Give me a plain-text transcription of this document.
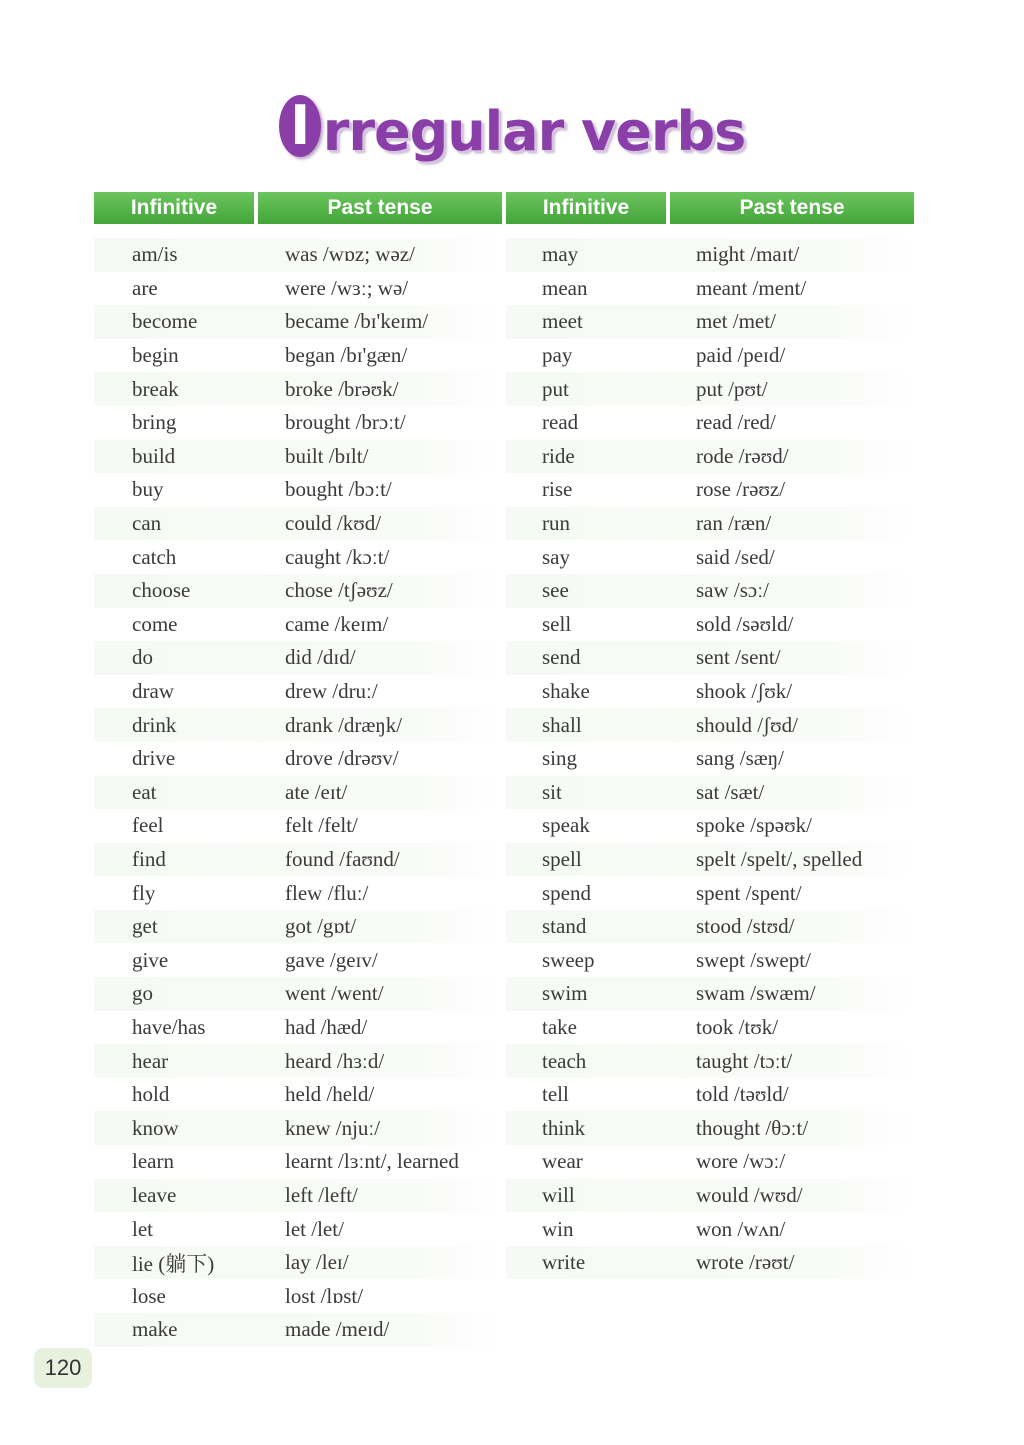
I rregular verbs
Infinitive	Past tense
am/is	was /wɒz; wəz/
are	were /wɜː; wə/
become	became /bɪ'keɪm/
begin	began /bɪ'gæn/
break	broke /brəʊk/
bring	brought /brɔːt/
build	built /bɪlt/
buy	bought /bɔːt/
can	could /kʊd/
catch	caught /kɔːt/
choose	chose /tʃəʊz/
come	came /keɪm/
do	did /dɪd/
draw	drew /druː/
drink	drank /dræŋk/
drive	drove /drəʊv/
eat	ate /eɪt/
feel	felt /felt/
find	found /faʊnd/
fly	flew /fluː/
get	got /gɒt/
give	gave /geɪv/
go	went /went/
have/has	had /hæd/
hear	heard /hɜːd/
hold	held /held/
know	knew /njuː/
learn	learnt /lɜːnt/, learned
leave	left /left/
let	let /let/
lie (躺下)	lay /leɪ/
lose	lost /lɒst/
make	made /meɪd/
Infinitive	Past tense
may	might /maɪt/
mean	meant /ment/
meet	met /met/
pay	paid /peɪd/
put	put /pʊt/
read	read /red/
ride	rode /rəʊd/
rise	rose /rəʊz/
run	ran /ræn/
say	said /sed/
see	saw /sɔː/
sell	sold /səʊld/
send	sent /sent/
shake	shook /ʃʊk/
shall	should /ʃʊd/
sing	sang /sæŋ/
sit	sat /sæt/
speak	spoke /spəʊk/
spell	spelt /spelt/, spelled
spend	spent /spent/
stand	stood /stʊd/
sweep	swept /swept/
swim	swam /swæm/
take	took /tʊk/
teach	taught /tɔːt/
tell	told /təʊld/
think	thought /θɔːt/
wear	wore /wɔː/
will	would /wʊd/
win	won /wʌn/
write	wrote /rəʊt/
120
